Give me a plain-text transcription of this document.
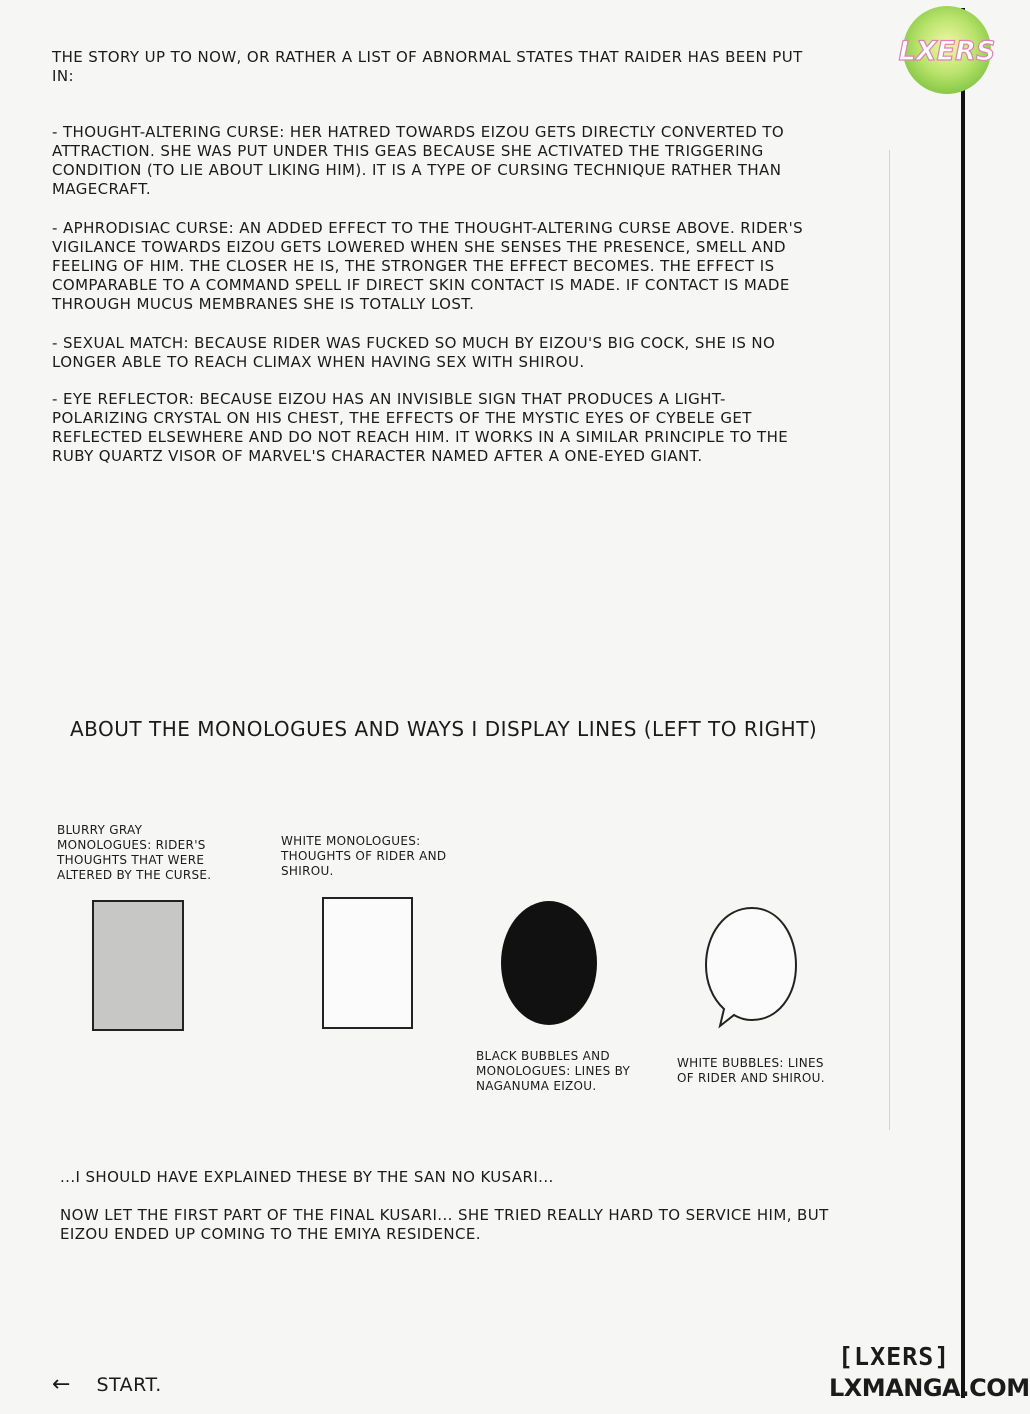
LXERS

THE STORY UP TO NOW, OR RATHER A LIST OF ABNORMAL STATES THAT RAIDER HAS BEEN PUT IN:

- THOUGHT-ALTERING CURSE: HER HATRED TOWARDS EIZOU GETS DIRECTLY CONVERTED TO ATTRACTION. SHE WAS PUT UNDER THIS GEAS BECAUSE SHE ACTIVATED THE TRIGGERING CONDITION (TO LIE ABOUT LIKING HIM). IT IS A TYPE OF CURSING TECHNIQUE RATHER THAN MAGECRAFT.

- APHRODISIAC CURSE: AN ADDED EFFECT TO THE THOUGHT-ALTERING CURSE ABOVE. RIDER'S VIGILANCE TOWARDS EIZOU GETS LOWERED WHEN SHE SENSES THE PRESENCE, SMELL AND FEELING OF HIM. THE CLOSER HE IS, THE STRONGER THE EFFECT BECOMES. THE EFFECT IS COMPARABLE TO A COMMAND SPELL IF DIRECT SKIN CONTACT IS MADE. IF CONTACT IS MADE THROUGH MUCUS MEMBRANES SHE IS TOTALLY LOST.

- SEXUAL MATCH: BECAUSE RIDER WAS FUCKED SO MUCH BY EIZOU'S BIG COCK, SHE IS NO LONGER ABLE TO REACH CLIMAX WHEN HAVING SEX WITH SHIROU.

- EYE REFLECTOR: BECAUSE EIZOU HAS AN INVISIBLE SIGN THAT PRODUCES A LIGHT-POLARIZING CRYSTAL ON HIS CHEST, THE EFFECTS OF THE MYSTIC EYES OF CYBELE GET REFLECTED ELSEWHERE AND DO NOT REACH HIM. IT WORKS IN A SIMILAR PRINCIPLE TO THE RUBY QUARTZ VISOR OF MARVEL'S CHARACTER NAMED AFTER A ONE-EYED GIANT.

ABOUT THE MONOLOGUES AND WAYS I DISPLAY LINES (LEFT TO RIGHT)
BLURRY GRAY MONOLOGUES: RIDER'S THOUGHTS THAT WERE ALTERED BY THE CURSE.
WHITE MONOLOGUES: THOUGHTS OF RIDER AND SHIROU.
BLACK BUBBLES AND MONOLOGUES: LINES BY NAGANUMA EIZOU.
WHITE BUBBLES: LINES OF RIDER AND SHIROU.

...I SHOULD HAVE EXPLAINED THESE BY THE SAN NO KUSARI...

NOW LET THE FIRST PART OF THE FINAL KUSARI... SHE TRIED REALLY HARD TO SERVICE HIM, BUT EIZOU ENDED UP COMING TO THE EMIYA RESIDENCE.

← START.
[LXERS]
LXMANGA.COM
